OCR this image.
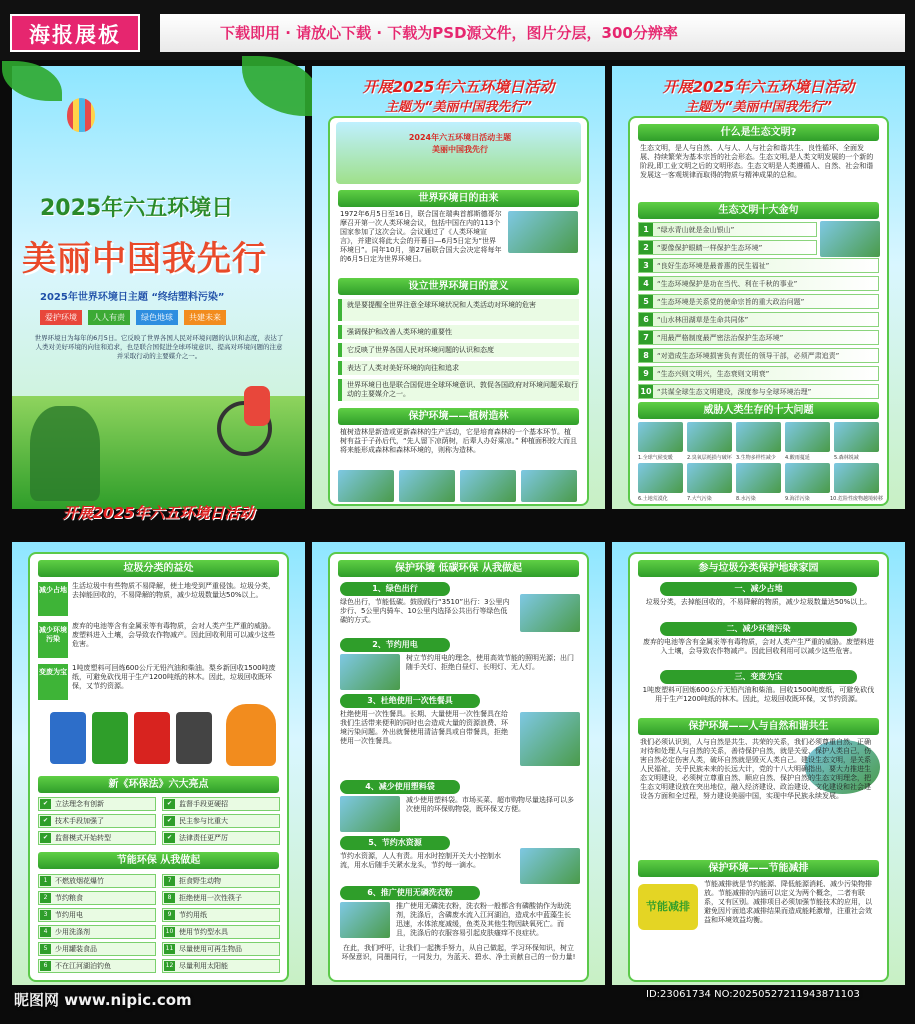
海报展板	下载即用 · 请放心下载 · 下载为PSD源文件，图片分层，300分辨率
2025年六五环境日
美丽中国我先行
2025年世界环境日主题 “终结塑料污染”
爱护环境	人人有责	绿色地球	共建未来
世界环境日为每年的6月5日。它反映了世界各国人民对环境问题的认识和态度，表达了人类对美好环境的向往和追求，也是联合国促进全球环境意识、提高对环境问题的注意并采取行动的主要媒介之一。
开展2025年六五环境日活动
主题为“美丽中国我先行”
2024年六五环境日活动主题
美丽中国我先行
世界环境日的由来
1972年6月5日至16日，联合国在瑞典首都斯德哥尔摩召开第一次人类环境会议，包括中国在内的113个国家参加了这次会议。会议通过了《人类环境宣言》，并建议将此大会的开幕日—6月5日定为“世界环境日”。同年10月，第27届联合国大会决定将每年的6月5日定为世界环境日。
设立世界环境日的意义
就是要提醒全世界注意全球环境状况和人类活动对环境的危害
强调保护和改善人类环境的重要性
它反映了世界各国人民对环境问题的认识和态度
表达了人类对美好环境的向往和追求
世界环境日也是联合国促进全球环境意识、敦促各国政府对环境问题采取行动的主要媒介之一。
保护环境——植树造林
植树造林是新造或更新森林的生产活动，它是培育森林的一个基本环节。植树有益于子孙后代，“先人留下凉荫树，后辈人办好乘凉。” 种植面积较大而且将来能形成森林和森林环境的，则称为造林。
开展2025年六五环境日活动
主题为“美丽中国我先行”
什么是生态文明?
生态文明，是人与自然、人与人、人与社会和谐共生、良性循环、全面发展、持续繁荣为基本宗旨的社会形态。生态文明,是人类文明发展的一个新的阶段,即工业文明之后的文明形态。生态文明是人类遵循人、自然、社会和谐发展这一客观规律而取得的物质与精神成果的总和。
生态文明十大金句
1 “绿水青山就是金山银山”
2 “要像保护眼睛一样保护生态环境”
3 “良好生态环境是最普惠的民生福祉”
4 “生态环境保护是功在当代、利在千秋的事业”
5 “生态环境是关系党的使命宗旨的重大政治问题”
6 “山水林田湖草是生命共同体”
7 “用最严格制度最严密法治保护生态环境”
8 “对造成生态环境损害负有责任的领导干部，必须严肃追责”
9 “生态兴则文明兴，生态衰则文明衰”
10 “共谋全球生态文明建设，深度参与全球环境治理”
威胁人类生存的十大问题
1.全球气候变暖	2.臭氧层耗损与破坏 3.生物多样性减少 4.酸雨蔓延	5.森林锐减
6.土地荒漠化	7.大气污染	8.水污染	9.海洋污染	10.危险性废物越境转移
垃圾分类的益处
减少占地 生活垃圾中有些物质不易降解，使土地受到严重侵蚀。垃圾分类，去掉能回收的，不易降解的物质，减少垃圾数量达50%以上。
减少环境污染
废弃的电池等含有金属汞等有毒物质，会对人类产生严重的威胁。废塑料进入土壤，会导致农作物减产。因此回收利用可以减少这些危害。
变废为宝 1吨废塑料可回炼600公斤无铅汽油和柴油。梨乡新回收1500吨废纸，可避免砍伐用于生产1200吨纸的林木。因此，垃圾回收既环保，又节约资源。
新《环保法》六大亮点
✔ 立法理念有创新	✔ 监督手段更硬招
✔ 技术手段加强了	✔ 民主参与比重大
✔ 监督模式开始转型	✔ 法律责任更严厉
节能环保 从我做起
1	不燃放烟花爆竹	7	拒食野生动物
2	节约粮食	8	拒绝使用一次性筷子
3	节约用电	9	节约用纸
4	少用洗涤剂	10 使用节约型水具
5	少用罐装食品	11 尽量使用可再生物品
6	不在江河湖泊钓鱼	12 尽量利用太阳能
开展2025年六五环境日活动
保护环境 低碳环保 从我做起
1、绿色出行
绿色出行，节能低碳。鼓励践行“3510”出行：3公里内步行、5公里内骑车、10公里内选择公共出行等绿色低碳的方式。
2、节约用电
树立节约用电的理念，使用高效节能的照明光源；出门随手关灯、拒绝白昼灯、长明灯、无人灯。
3、杜绝使用一次性餐具
杜绝使用一次性餐具。长期、大量使用一次性餐具在给我们生活带来便利的同时也会造成大量的资源浪费、环境污染问题。外出就餐使用清洁餐具或自带餐具，拒绝使用一次性餐具。
4、减少使用塑料袋
减少使用塑料袋。市场买菜、超市购物尽量选择可以多次使用的环保购物袋，既环保又方便。
5、节约水资源
节约水资源，人人有责。用水时控制开关大小控制水流，用水后随手关紧水龙头，节约每一滴水。
6、推广使用无磷洗衣粉
推广使用无磷洗衣粉，洗衣粉一般都含有磷酸钠作为助洗剂，洗涤后，含磷废水流入江河湖泊，造成水中蓝藻生长迅速，水体浓度减缓，鱼类及其他生物因缺氧死亡。而且，洗涤后的衣服容易引起皮肤瘙痒不良症状。
在此，我们呼吁，让我们一起携手努力，从自己做起，学习环保知识，树立环保意识，同墨同行，一同发力，为蓝天、碧水、净土贡献自己的一份力量!
参与垃圾分类保护地球家园
一、减少占地
垃圾分类，去掉能回收的，不易降解的物质，减少垃圾数量达50%以上。
二、减少环境污染
废弃的电池等含有金属汞等有毒物质，会对人类产生严重的威胁。废塑料进入土壤，会导致农作物减产。因此回收利用可以减少这些危害。
三、变废为宝
1吨废塑料可回炼600公斤无铅汽油和柴油。回收1500吨废纸，可避免砍伐用于生产1200吨纸的林木。因此，垃圾回收既环保，又节约资源。
保护环境——人与自然和谐共生
我们必须认识到，人与自然是共生、共荣的关系，我们必须尊重自然、正确对待和处理人与自然的关系，善待保护自然，就是关爱、保护人类自己，伤害自然必定伤害人类，破坏自然就是毁灭人类自己。建设生态文明，是关系人民福祉，关乎民族未来的长远大计，党的十八大明确指出，要大力推进生态文明建设，必须树立尊重自然、顺应自然、保护自然的生态文明理念，把生态文明建设放在突出地位，融入经济建设、政治建设、文化建设和社会建设各方面和全过程，努力建设美丽中国，实现中华民族永续发展。
保护环境——节能减排
节能减排
节能减排就是节约能源、降低能源消耗、减少污染物排放。节能减排的内涵可以定义为两个概念，二者有联系，又有区别。减排项目必须加强节能技术的应用，以避免因片面追求减排结果而造成能耗激增，注重社会效益和环境效益均衡。
昵图网 www.nipic.com	ID:23061734 NO:20250527211943871103
